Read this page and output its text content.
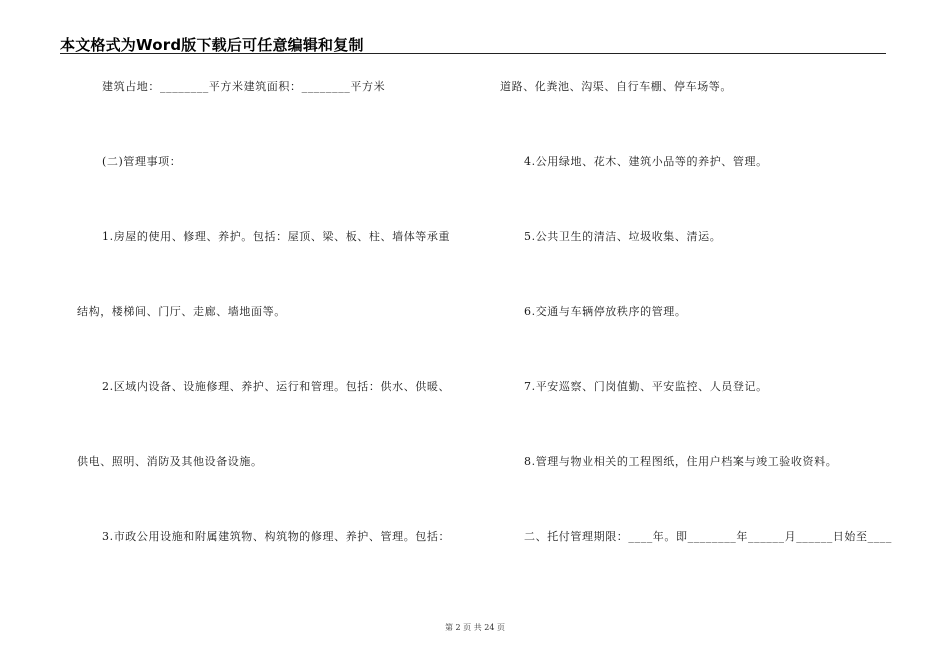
本文格式为Word版下载后可任意编辑和复制
建筑占地：________平方米建筑面积：________平方米
(二)管理事项：
1.房屋的使用、修理、养护。包括：屋顶、梁、板、柱、墙体等承重
结构，楼梯间、门厅、走廊、墙地面等。
2.区域内设备、设施修理、养护、运行和管理。包括：供水、供暖、
供电、照明、消防及其他设备设施。
3.市政公用设施和附属建筑物、构筑物的修理、养护、管理。包括：
道路、化粪池、沟渠、自行车棚、停车场等。
4.公用绿地、花木、建筑小品等的养护、管理。
5.公共卫生的清洁、垃圾收集、清运。
6.交通与车辆停放秩序的管理。
7.平安巡察、门岗值勤、平安监控、人员登记。
8.管理与物业相关的工程图纸，住用户档案与竣工验收资料。
二、托付管理期限：____年。即________年______月______日始至____
第 2 页 共 24 页
